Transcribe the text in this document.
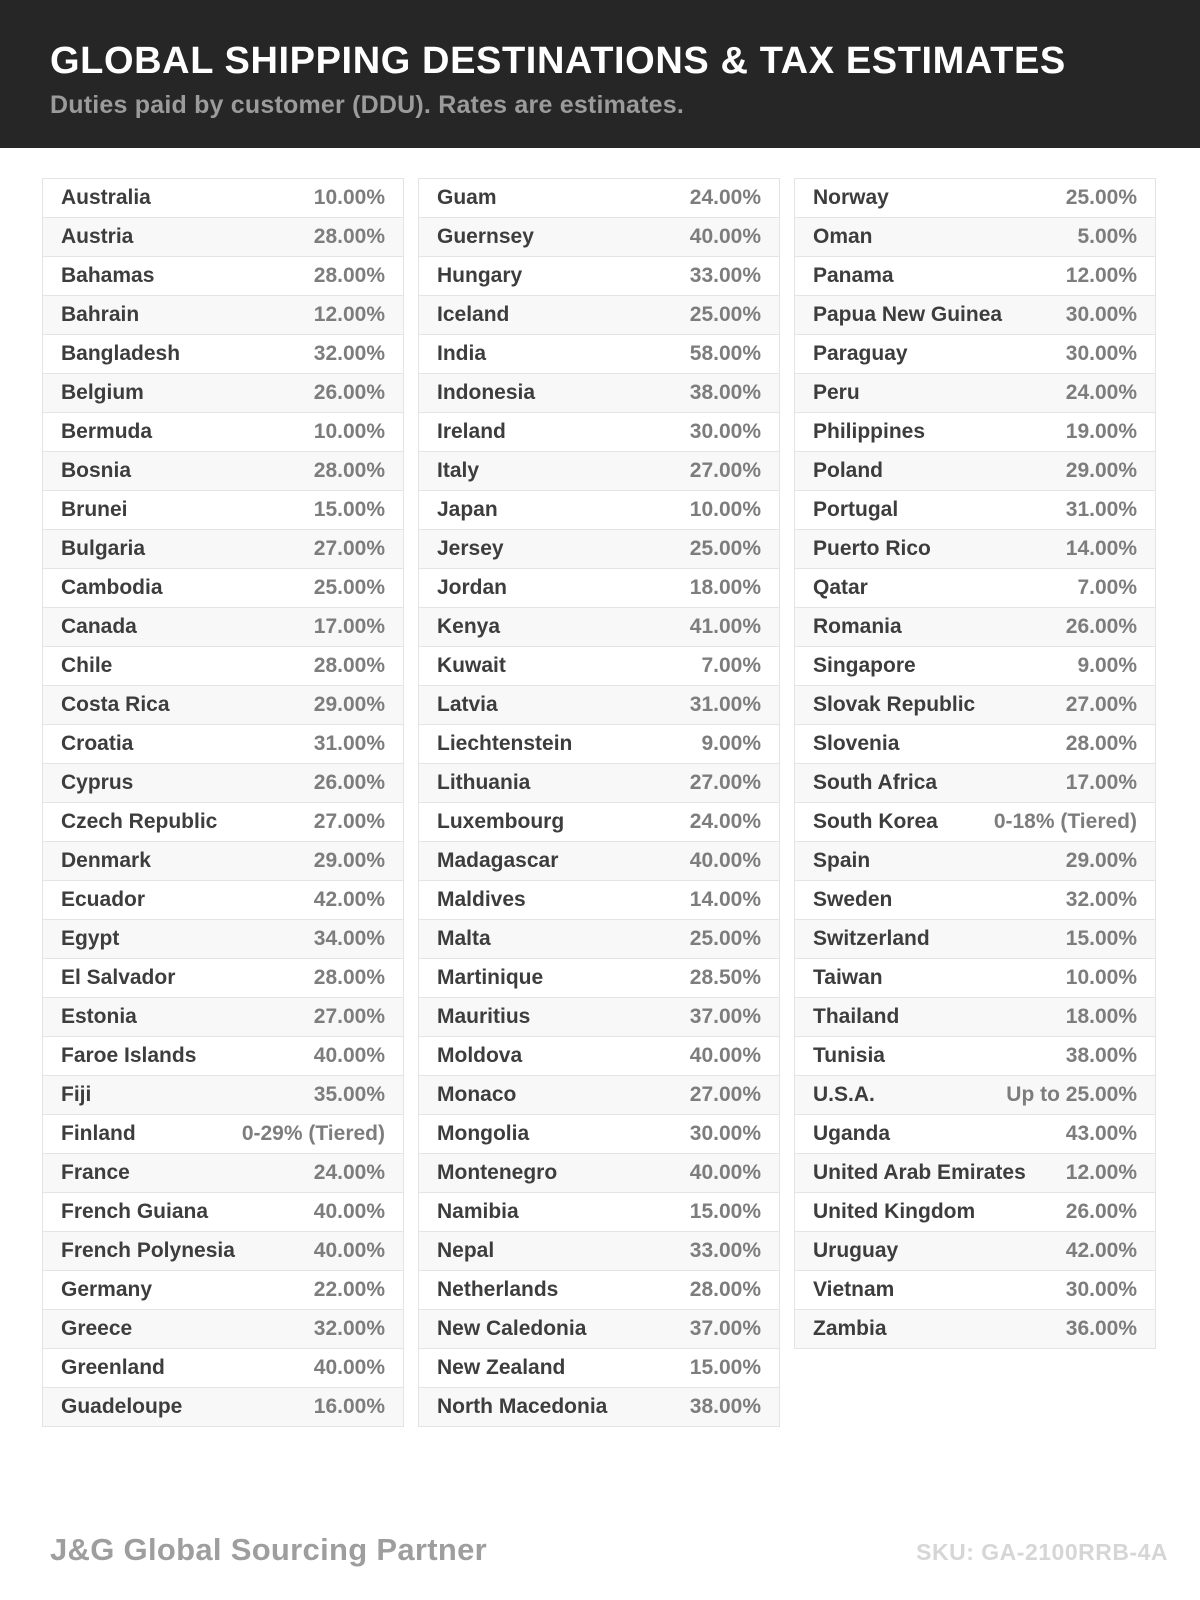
GLOBAL SHIPPING DESTINATIONS & TAX ESTIMATES

Duties paid by customer (DDU). Rates are estimates.

Australia	10.00%
Austria	28.00%
Bahamas	28.00%
Bahrain	12.00%
Bangladesh	32.00%
Belgium	26.00%
Bermuda	10.00%
Bosnia	28.00%
Brunei	15.00%
Bulgaria	27.00%
Cambodia	25.00%
Canada	17.00%
Chile	28.00%
Costa Rica	29.00%
Croatia	31.00%
Cyprus	26.00%
Czech Republic	27.00%
Denmark	29.00%
Ecuador	42.00%
Egypt	34.00%
El Salvador	28.00%
Estonia	27.00%
Faroe Islands	40.00%
Fiji	35.00%
Finland	0-29% (Tiered)
France	24.00%
French Guiana	40.00%
French Polynesia	40.00%
Germany	22.00%
Greece	32.00%
Greenland	40.00%
Guadeloupe	16.00%
Guam	24.00%
Guernsey	40.00%
Hungary	33.00%
Iceland	25.00%
India	58.00%
Indonesia	38.00%
Ireland	30.00%
Italy	27.00%
Japan	10.00%
Jersey	25.00%
Jordan	18.00%
Kenya	41.00%
Kuwait	7.00%
Latvia	31.00%
Liechtenstein	9.00%
Lithuania	27.00%
Luxembourg	24.00%
Madagascar	40.00%
Maldives	14.00%
Malta	25.00%
Martinique	28.50%
Mauritius	37.00%
Moldova	40.00%
Monaco	27.00%
Mongolia	30.00%
Montenegro	40.00%
Namibia	15.00%
Nepal	33.00%
Netherlands	28.00%
New Caledonia	37.00%
New Zealand	15.00%
North Macedonia	38.00%
Norway	25.00%
Oman	5.00%
Panama	12.00%
Papua New Guinea	30.00%
Paraguay	30.00%
Peru	24.00%
Philippines	19.00%
Poland	29.00%
Portugal	31.00%
Puerto Rico	14.00%
Qatar	7.00%
Romania	26.00%
Singapore	9.00%
Slovak Republic	27.00%
Slovenia	28.00%
South Africa	17.00%
South Korea	0-18% (Tiered)
Spain	29.00%
Sweden	32.00%
Switzerland	15.00%
Taiwan	10.00%
Thailand	18.00%
Tunisia	38.00%
U.S.A.	Up to 25.00%
Uganda	43.00%
United Arab Emirates 12.00%
United Kingdom	26.00%
Uruguay	42.00%
Vietnam	30.00%
Zambia	36.00%
J&G Global Sourcing Partner	SKU: GA-2100RRB-4A
